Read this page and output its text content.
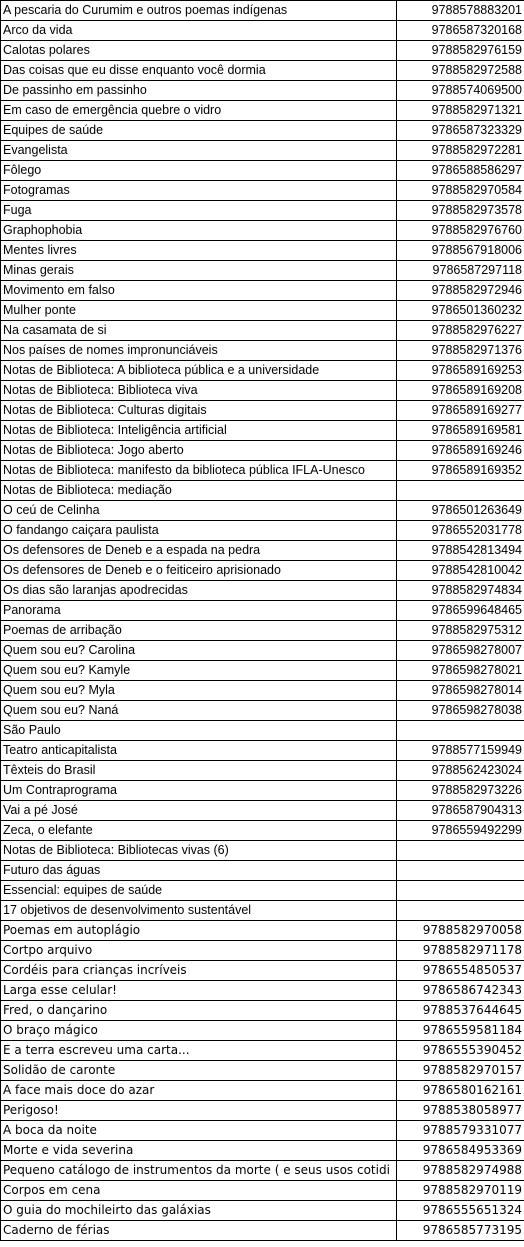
A pescaria do Curumim e outros poemas indígenas	9788578883201
Arco da vida	9786587320168
Calotas polares	9788582976159
Das coisas que eu disse enquanto você dormia	9788582972588
De passinho em passinho	9788574069500
Em caso de emergência quebre o vidro	9788582971321
Equipes de saúde	9786587323329
Evangelista	9788582972281
Fôlego	9786588586297
Fotogramas	9788582970584
Fuga	9788582973578
Graphophobia	9788582976760
Mentes livres	9788567918006
Minas gerais	9786587297118
Movimento em falso	9788582972946
Mulher ponte	9786501360232
Na casamata de si	9788582976227
Nos países de nomes impronunciáveis	9788582971376
Notas de Biblioteca: A biblioteca pública e a universidade	9786589169253
Notas de Biblioteca: Biblioteca viva	9786589169208
Notas de Biblioteca: Culturas digitais	9786589169277
Notas de Biblioteca: Inteligência artificial	9786589169581
Notas de Biblioteca: Jogo aberto	9786589169246
Notas de Biblioteca: manifesto da biblioteca pública IFLA-Unesco	9786589169352
Notas de Biblioteca: mediação	
O ceú de Celinha	9786501263649
O fandango caiçara paulista	9786552031778
Os defensores de Deneb e a espada na pedra	9788542813494
Os defensores de Deneb e o feiticeiro aprisionado	9788542810042
Os dias são laranjas apodrecidas	9788582974834
Panorama	9786599648465
Poemas de arribação	9788582975312
Quem sou eu? Carolina	9786598278007
Quem sou eu? Kamyle	9786598278021
Quem sou eu? Myla	9786598278014
Quem sou eu? Naná	9786598278038
São Paulo	
Teatro anticapitalista	9788577159949
Têxteis do Brasil	9788562423024
Um Contraprograma	9788582973226
Vai a pé José	9786587904313
Zeca, o elefante	9786559492299
Notas de Biblioteca: Bibliotecas vivas (6)	
Futuro das águas	
Essencial: equipes de saúde	
17 objetivos de desenvolvimento sustentável	
Poemas em autoplágio	9788582970058
Cortpo arquivo	9788582971178
Cordéis para crianças incríveis	9786554850537
Larga esse celular!	9786586742343
Fred, o dançarino	9788537644645
O braço mágico	9786559581184
E a terra escreveu uma carta...	9786555390452
Solidão de caronte	9788582970157
A face mais doce do azar	9786580162161
Perigoso!	9788538058977
A boca da noite	9788579331077
Morte e vida severina	9786584953369
Pequeno catálogo de instrumentos da morte ( e seus usos cotidi	9788582974988
Corpos em cena	9788582970119
O guia do mochileirto das galáxias	9786555651324
Caderno de férias	9786585773195
